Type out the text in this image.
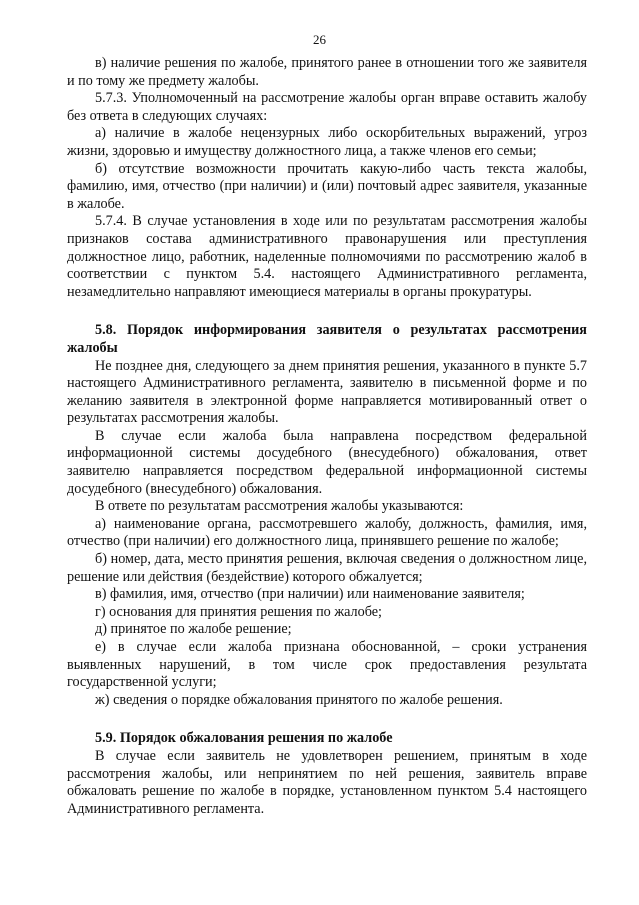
26

в) наличие решения по жалобе, принятого ранее в отношении того же заявителя и по тому же предмету жалобы.

5.7.3. Уполномоченный на рассмотрение жалобы орган вправе оставить жалобу без ответа в следующих случаях:

а) наличие в жалобе нецензурных либо оскорбительных выражений, угроз жизни, здоровью и имуществу должностного лица, а также членов его семьи;

б) отсутствие возможности прочитать какую-либо часть текста жалобы, фамилию, имя, отчество (при наличии) и (или) почтовый адрес заявителя, указанные в жалобе.

5.7.4. В случае установления в ходе или по результатам рассмотрения жалобы признаков состава административного правонарушения или преступления должностное лицо, работник, наделенные полномочиями по рассмотрению жалоб в соответствии с пунктом 5.4. настоящего Административного регламента, незамедлительно направляют имеющиеся материалы в органы прокуратуры.

5.8. Порядок информирования заявителя о результатах рассмотрения жалобы

Не позднее дня, следующего за днем принятия решения, указанного в пункте 5.7 настоящего Административного регламента, заявителю в письменной форме и по желанию заявителя в электронной форме направляется мотивированный ответ о результатах рассмотрения жалобы.

В случае если жалоба была направлена посредством федеральной информационной системы досудебного (внесудебного) обжалования, ответ заявителю направляется посредством федеральной информационной системы досудебного (внесудебного) обжалования.

В ответе по результатам рассмотрения жалобы указываются:

а) наименование органа, рассмотревшего жалобу, должность, фамилия, имя, отчество (при наличии) его должностного лица, принявшего решение по жалобе;

б) номер, дата, место принятия решения, включая сведения о должностном лице, решение или действия (бездействие) которого обжалуется;

в) фамилия, имя, отчество (при наличии) или наименование заявителя;

г) основания для принятия решения по жалобе;

д) принятое по жалобе решение;

е) в случае если жалоба признана обоснованной, – сроки устранения выявленных нарушений, в том числе срок предоставления результата государственной услуги;

ж) сведения о порядке обжалования принятого по жалобе решения.

5.9. Порядок обжалования решения по жалобе

В случае если заявитель не удовлетворен решением, принятым в ходе рассмотрения жалобы, или непринятием по ней решения, заявитель вправе обжаловать решение по жалобе в порядке, установленном пунктом 5.4 настоящего Административного регламента.
